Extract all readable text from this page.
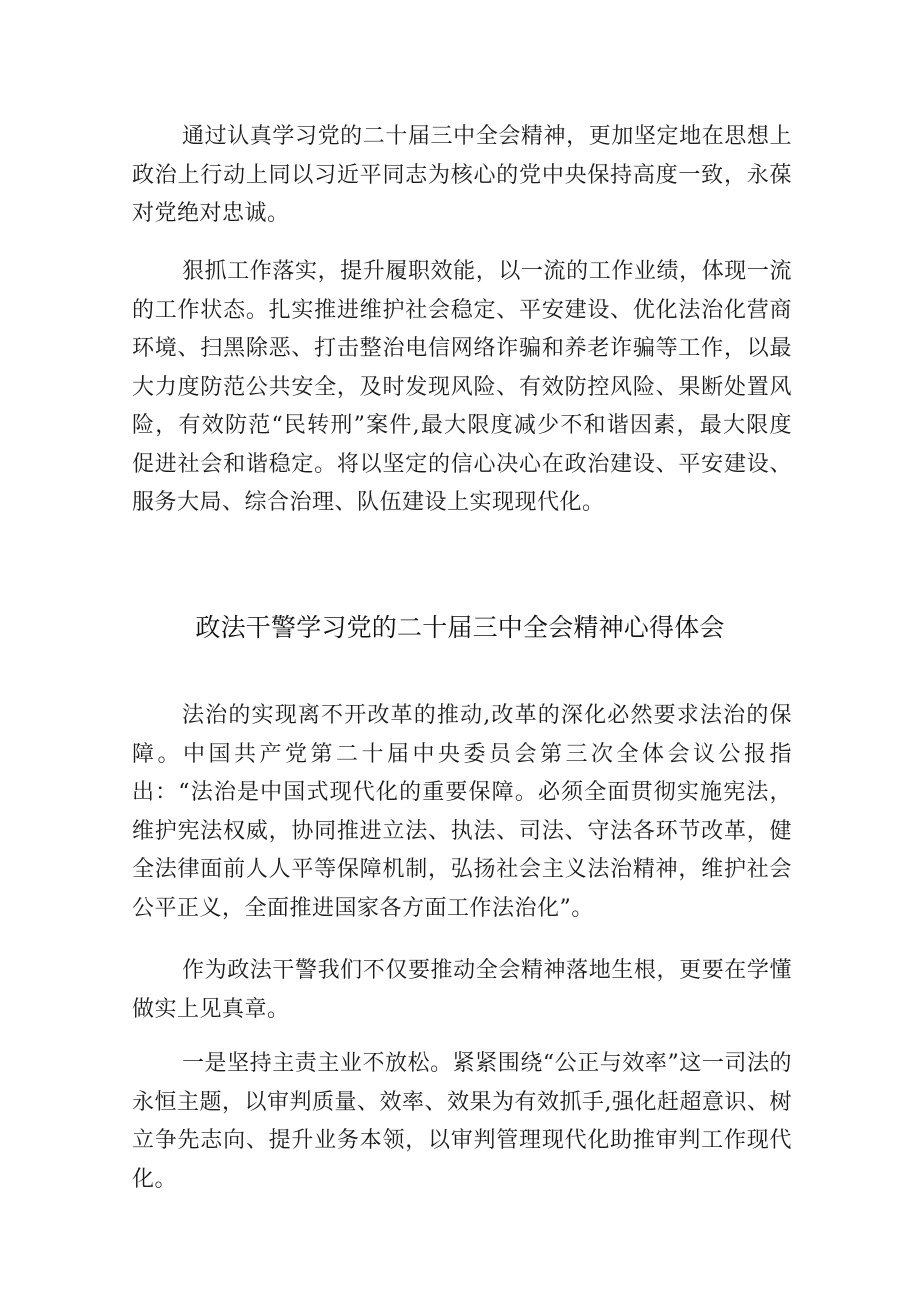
通过认真学习党的二十届三中全会精神，更加坚定地在思想上政治上行动上同以习近平同志为核心的党中央保持高度一致，永葆对党绝对忠诚。

狠抓工作落实，提升履职效能，以一流的工作业绩，体现一流的工作状态。扎实推进维护社会稳定、平安建设、优化法治化营商环境、扫黑除恶、打击整治电信网络诈骗和养老诈骗等工作，以最大力度防范公共安全，及时发现风险、有效防控风险、果断处置风险，有效防范“民转刑”案件,最大限度减少不和谐因素，最大限度促进社会和谐稳定。将以坚定的信心决心在政治建设、平安建设、服务大局、综合治理、队伍建设上实现现代化。

政法干警学习党的二十届三中全会精神心得体会

法治的实现离不开改革的推动,改革的深化必然要求法治的保障。中国共产党第二十届中央委员会第三次全体会议公报指出：“法治是中国式现代化的重要保障。必须全面贯彻实施宪法，维护宪法权威，协同推进立法、执法、司法、守法各环节改革，健全法律面前人人平等保障机制，弘扬社会主义法治精神，维护社会公平正义，全面推进国家各方面工作法治化”。

作为政法干警我们不仅要推动全会精神落地生根，更要在学懂做实上见真章。

一是坚持主责主业不放松。紧紧围绕“公正与效率”这一司法的永恒主题，以审判质量、效率、效果为有效抓手,强化赶超意识、树立争先志向、提升业务本领，以审判管理现代化助推审判工作现代化。
